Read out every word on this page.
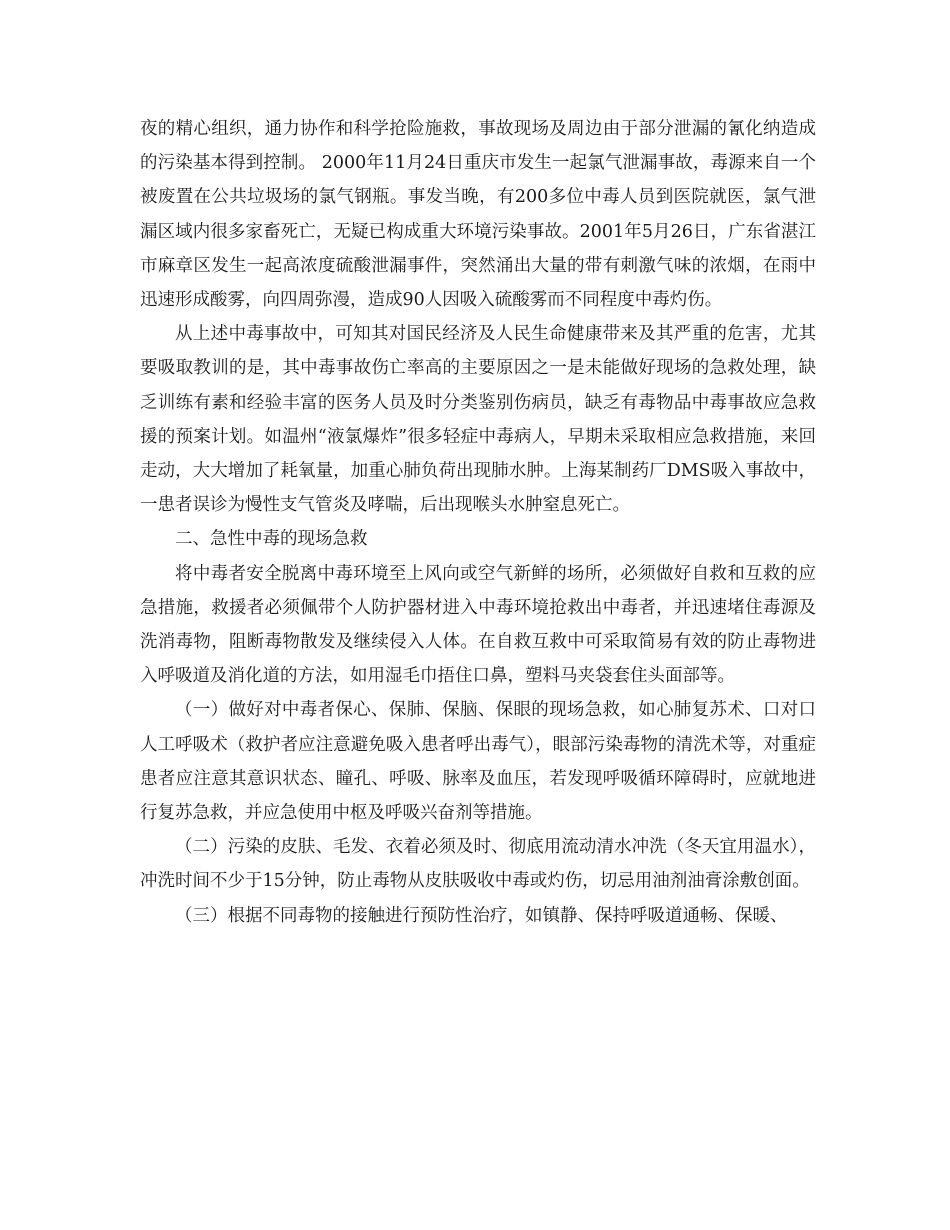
夜的精心组织，通力协作和科学抢险施救，事故现场及周边由于部分泄漏的氰化纳造成的污染基本得到控制。 2000年11月24日重庆市发生一起氯气泄漏事故，毒源来自一个被废置在公共垃圾场的氯气钢瓶。事发当晚，有200多位中毒人员到医院就医，氯气泄漏区域内很多家畜死亡，无疑已构成重大环境污染事故。2001年5月26日，广东省湛江市麻章区发生一起高浓度硫酸泄漏事件，突然涌出大量的带有刺激气味的浓烟，在雨中迅速形成酸雾，向四周弥漫，造成90人因吸入硫酸雾而不同程度中毒灼伤。

从上述中毒事故中，可知其对国民经济及人民生命健康带来及其严重的危害，尤其要吸取教训的是，其中毒事故伤亡率高的主要原因之一是未能做好现场的急救处理，缺乏训练有素和经验丰富的医务人员及时分类鉴别伤病员，缺乏有毒物品中毒事故应急救援的预案计划。如温州“液氯爆炸”很多轻症中毒病人，早期未采取相应急救措施，来回走动，大大增加了耗氧量，加重心肺负荷出现肺水肿。上海某制药厂DMS吸入事故中，一患者误诊为慢性支气管炎及哮喘，后出现喉头水肿窒息死亡。

二、急性中毒的现场急救

将中毒者安全脱离中毒环境至上风向或空气新鲜的场所，必须做好自救和互救的应急措施，救援者必须佩带个人防护器材进入中毒环境抢救出中毒者，并迅速堵住毒源及洗消毒物，阻断毒物散发及继续侵入人体。在自救互救中可采取简易有效的防止毒物进入呼吸道及消化道的方法，如用湿毛巾捂住口鼻，塑料马夹袋套住头面部等。

（一）做好对中毒者保心、保肺、保脑、保眼的现场急救，如心肺复苏术、口对口人工呼吸术（救护者应注意避免吸入患者呼出毒气），眼部污染毒物的清洗术等，对重症患者应注意其意识状态、瞳孔、呼吸、脉率及血压，若发现呼吸循环障碍时，应就地进行复苏急救，并应急使用中枢及呼吸兴奋剂等措施。

（二）污染的皮肤、毛发、衣着必须及时、彻底用流动清水冲洗（冬天宜用温水），冲洗时间不少于15分钟，防止毒物从皮肤吸收中毒或灼伤，切忌用油剂油膏涂敷创面。

（三）根据不同毒物的接触进行预防性治疗，如镇静、保持呼吸道通畅、保暖、
